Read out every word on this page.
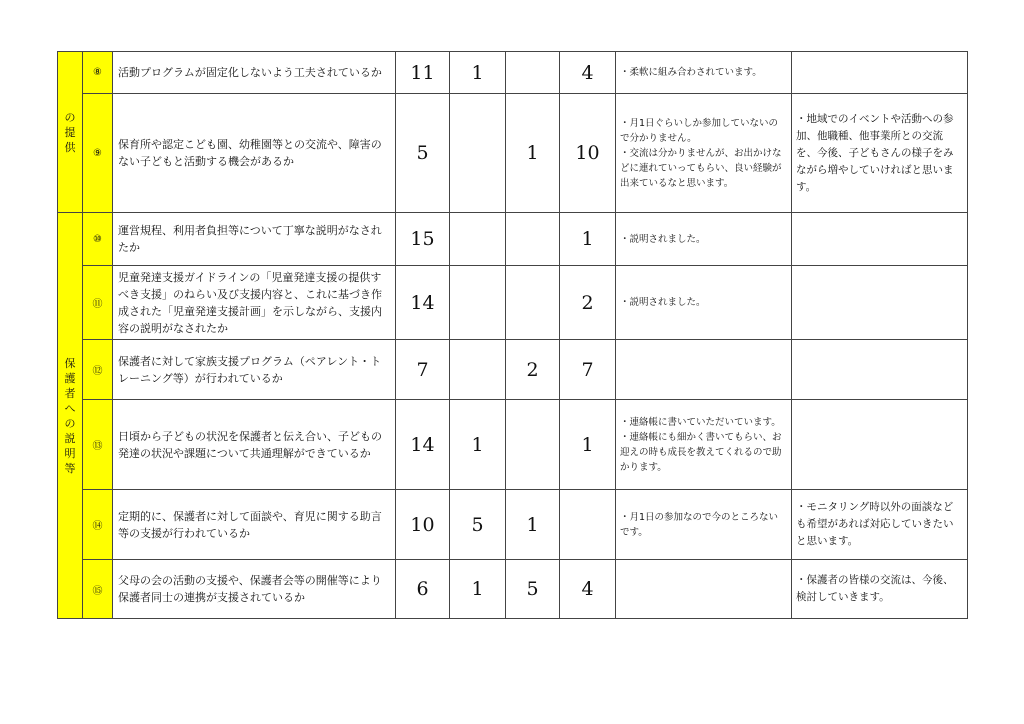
の提供	⑧	活動プログラムが固定化しないよう工夫されているか	11	1		4	・柔軟に組み合わされています。	
	⑨	保育所や認定こども園、幼稚園等との交流や、障害のない子どもと活動する機会があるか	5		1	10	・月1日ぐらいしか参加していないので分かりません。
・交流は分かりませんが、お出かけなどに連れていってもらい、良い経験が出来ているなと思います。	・地域でのイベントや活動への参加、他職種、他事業所との交流を、今後、子どもさんの様子をみながら増やしていければと思います。
保護者への説明等	⑩	運営規程、利用者負担等について丁寧な説明がなされたか	15			1	・説明されました。	
	⑪	児童発達支援ガイドラインの「児童発達支援の提供すべき支援」のねらい及び支援内容と、これに基づき作成された「児童発達支援計画」を示しながら、支援内容の説明がなされたか	14			2	・説明されました。	
	⑫	保護者に対して家族支援プログラム（ペアレント・トレーニング等）が行われているか	7		2	7		
	⑬	日頃から子どもの状況を保護者と伝え合い、子どもの発達の状況や課題について共通理解ができているか	14	1		1	・連絡帳に書いていただいています。
・連絡帳にも細かく書いてもらい、お迎えの時も成長を教えてくれるので助かります。	
	⑭	定期的に、保護者に対して面談や、育児に関する助言等の支援が行われているか	10	5	1		・月1日の参加なので今のところないです。	・モニタリング時以外の面談なども希望があれば対応していきたいと思います。
	⑮	父母の会の活動の支援や、保護者会等の開催等により保護者同士の連携が支援されているか	6	1	5	4		・保護者の皆様の交流は、今後、検討していきます。
